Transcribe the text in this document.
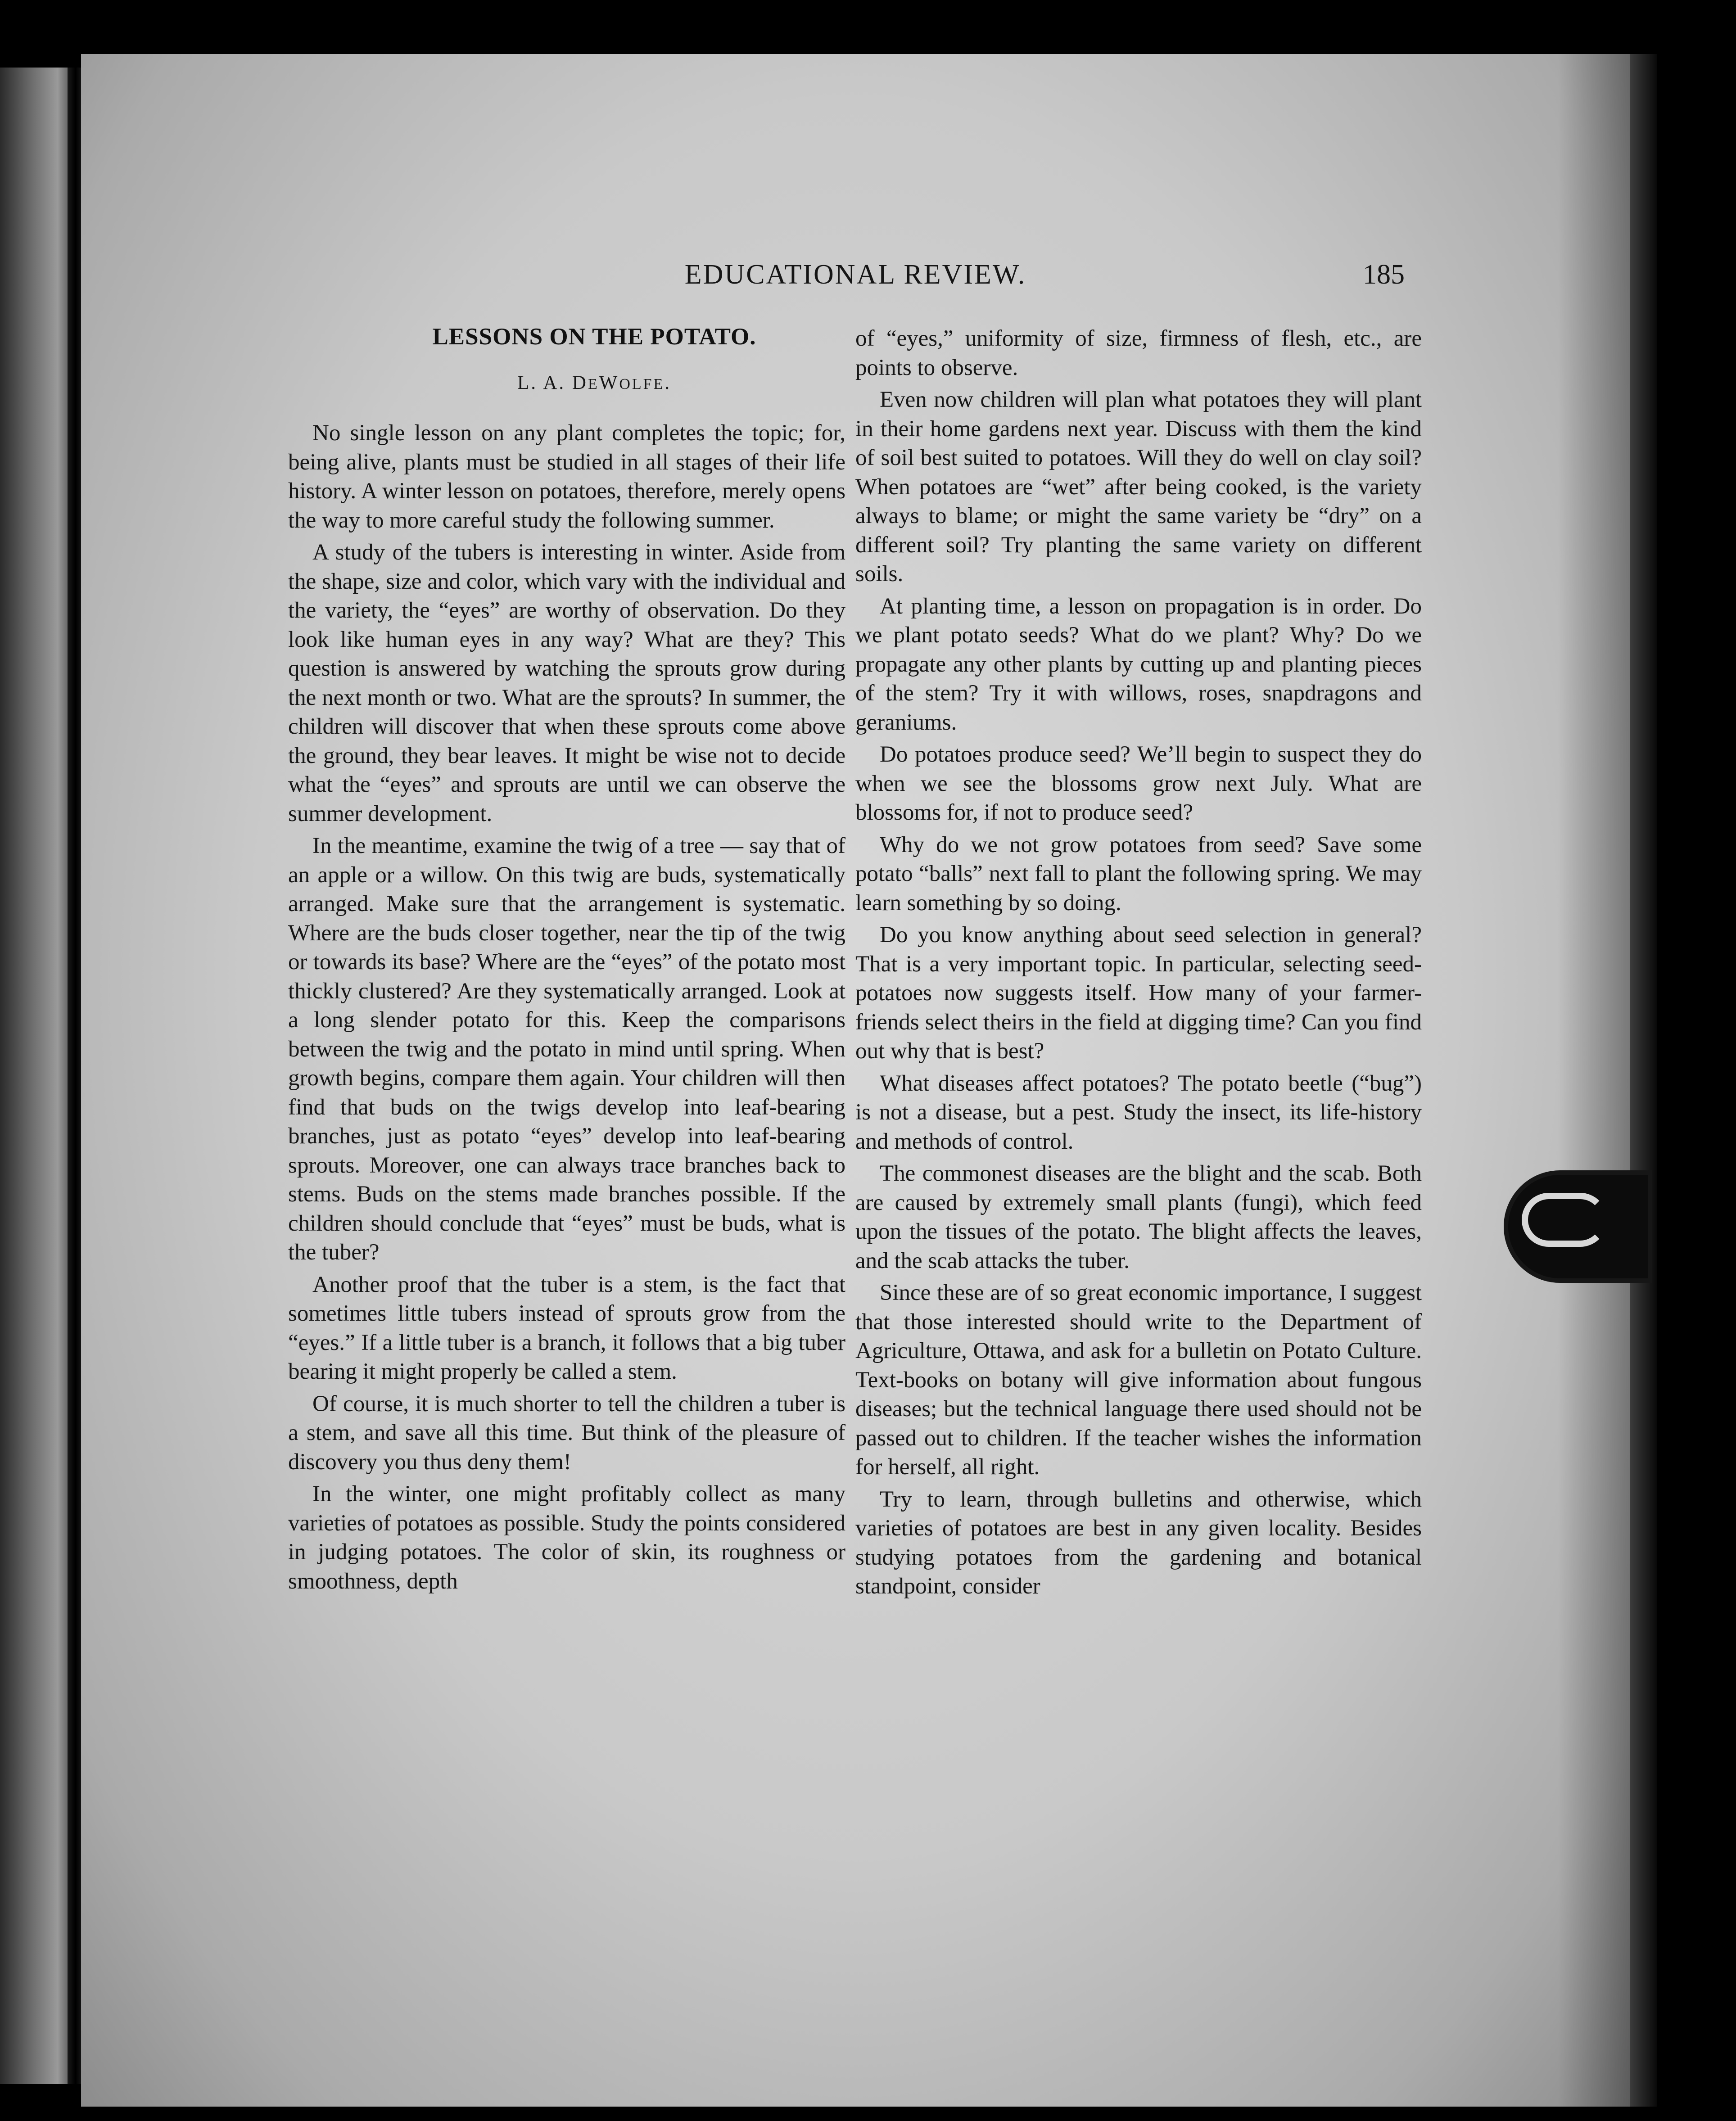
EDUCATIONAL REVIEW.	185
LESSONS ON THE POTATO.
L. A. DEWOLFE.

No single lesson on any plant completes the topic; for, being alive, plants must be studied in all stages of their life history. A winter lesson on potatoes, therefore, merely opens the way to more careful study the following summer.

A study of the tubers is interesting in winter. Aside from the shape, size and color, which vary with the individual and the variety, the “eyes” are worthy of observation. Do they look like human eyes in any way? What are they? This question is answered by watching the sprouts grow during the next month or two. What are the sprouts? In summer, the children will discover that when these sprouts come above the ground, they bear leaves. It might be wise not to decide what the “eyes” and sprouts are until we can observe the summer development.

In the meantime, examine the twig of a tree — say that of an apple or a willow. On this twig are buds, systematically arranged. Make sure that the arrangement is systematic. Where are the buds closer together, near the tip of the twig or towards its base? Where are the “eyes” of the potato most thickly clustered? Are they systematically arranged. Look at a long slender potato for this. Keep the comparisons between the twig and the potato in mind until spring. When growth begins, compare them again. Your children will then find that buds on the twigs develop into leaf-bearing branches, just as potato “eyes” develop into leaf-bearing sprouts. Moreover, one can always trace branches back to stems. Buds on the stems made branches possible. If the children should conclude that “eyes” must be buds, what is the tuber?

Another proof that the tuber is a stem, is the fact that sometimes little tubers instead of sprouts grow from the “eyes.” If a little tuber is a branch, it follows that a big tuber bearing it might properly be called a stem.

Of course, it is much shorter to tell the children a tuber is a stem, and save all this time. But think of the pleasure of discovery you thus deny them!

In the winter, one might profitably collect as many varieties of potatoes as possible. Study the points considered in judging potatoes. The color of skin, its roughness or smoothness, depth

of “eyes,” uniformity of size, firmness of flesh, etc., are points to observe.

Even now children will plan what potatoes they will plant in their home gardens next year. Discuss with them the kind of soil best suited to potatoes. Will they do well on clay soil? When potatoes are “wet” after being cooked, is the variety always to blame; or might the same variety be “dry” on a different soil? Try planting the same variety on different soils.

At planting time, a lesson on propagation is in order. Do we plant potato seeds? What do we plant? Why? Do we propagate any other plants by cutting up and planting pieces of the stem? Try it with willows, roses, snapdragons and geraniums.

Do potatoes produce seed? We’ll begin to suspect they do when we see the blossoms grow next July. What are blossoms for, if not to produce seed?

Why do we not grow potatoes from seed? Save some potato “balls” next fall to plant the following spring. We may learn something by so doing.

Do you know anything about seed selection in general? That is a very important topic. In particular, selecting seed-potatoes now suggests itself. How many of your farmer-friends select theirs in the field at digging time? Can you find out why that is best?

What diseases affect potatoes? The potato beetle (“bug”) is not a disease, but a pest. Study the insect, its life-history and methods of control.

The commonest diseases are the blight and the scab. Both are caused by extremely small plants (fungi), which feed upon the tissues of the potato. The blight affects the leaves, and the scab attacks the tuber.

Since these are of so great economic importance, I suggest that those interested should write to the Department of Agriculture, Ottawa, and ask for a bulletin on Potato Culture. Text-books on botany will give information about fungous diseases; but the technical language there used should not be passed out to children. If the teacher wishes the information for herself, all right.

Try to learn, through bulletins and otherwise, which varieties of potatoes are best in any given locality. Besides studying potatoes from the gardening and botanical standpoint, consider
